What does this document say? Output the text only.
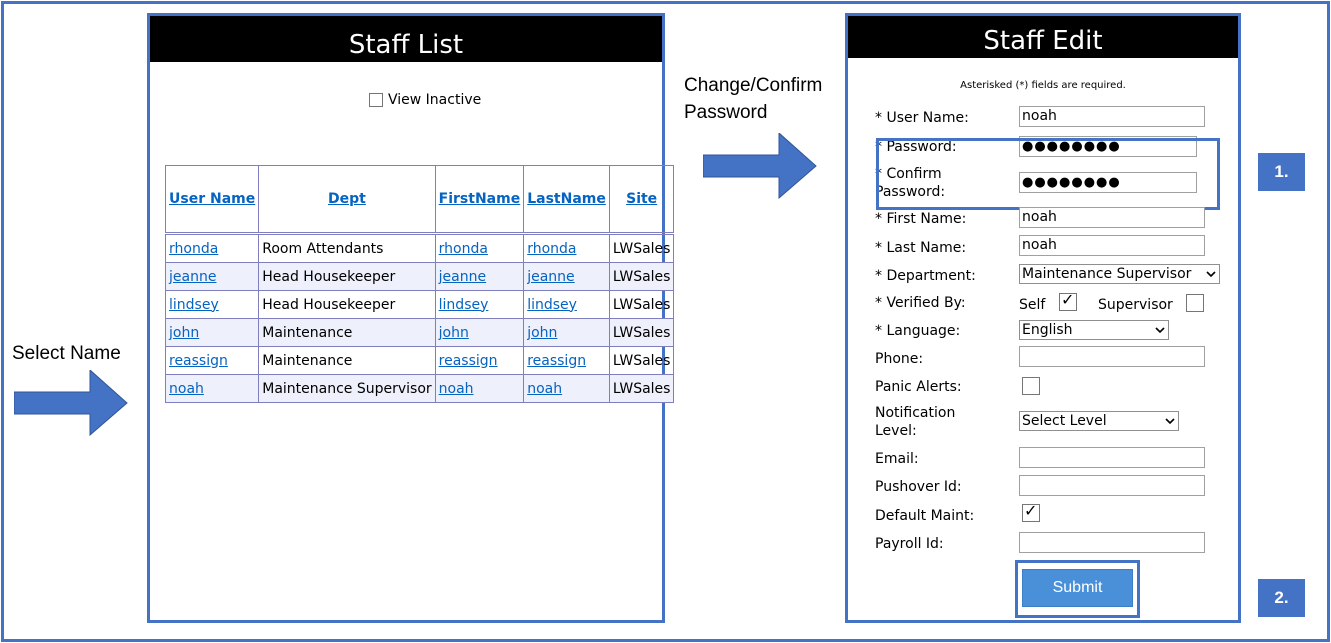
Select Name
Change/Confirm
Password
Staff List
View Inactive
User Name	Dept	FirstName	LastName	Site
rhonda	Room Attendants	rhonda	rhonda	LWSales
jeanne	Head Housekeeper	jeanne	jeanne	LWSales
lindsey	Head Housekeeper	lindsey	lindsey	LWSales
john	Maintenance	john	john	LWSales
reassign	Maintenance	reassign	reassign	LWSales
noah	Maintenance Supervisor	noah	noah	LWSales
Staff Edit
Asterisked (*) fields are required.
* User Name:	noah
* Password:	●●●●●●●●
* Confirm
Password:
●●●●●●●●
* First Name:	noah
* Last Name:	noah
* Department:	Maintenance Supervisor
* Verified By:	Self ✓ Supervisor
* Language:	English
Phone:
Panic Alerts:
Notification
Level:
Select Level
Email:
Pushover Id:
Default Maint:	✓
Payroll Id:
Submit
1.
2.
